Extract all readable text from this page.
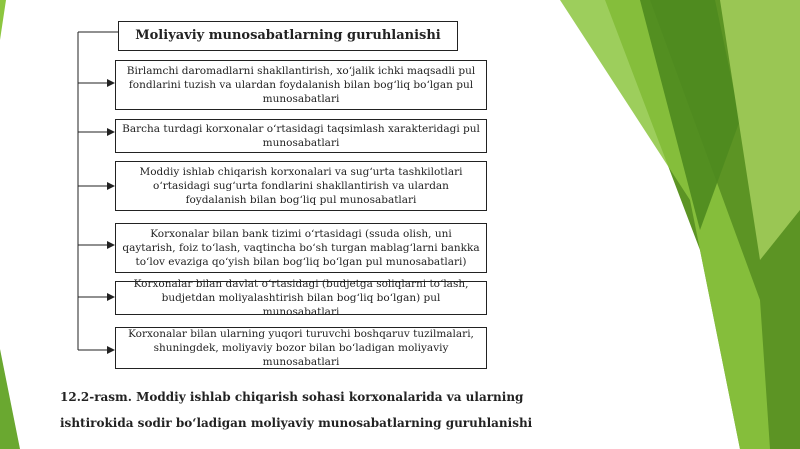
Moliyaviy munosabatlarning guruhlanishi
Birlamchi daromadlarni shakllantirish, xo‘jalik ichki maqsadli pul fondlarini tuzish va ulardan foydalanish bilan bog‘liq bo‘lgan pul munosabatlari
Barcha turdagi korxonalar o‘rtasidagi taqsimlash xarakteridagi pul munosabatlari
Moddiy ishlab chiqarish korxonalari va sug‘urta tashkilotlari o‘rtasidagi sug‘urta fondlarini shakllantirish va ulardan foydalanish bilan bog‘liq pul munosabatlari
Korxonalar bilan bank tizimi o‘rtasidagi (ssuda olish, uni qaytarish, foiz to‘lash, vaqtincha bo‘sh turgan mablag‘larni bankka to‘lov evaziga qo‘yish bilan bog‘liq bo‘lgan pul munosabatlari)
Korxonalar bilan davlat o‘rtasidagi (budjetga soliqlarni to‘lash, budjetdan moliyalashtirish bilan bog‘liq bo‘lgan) pul munosabatlari
Korxonalar bilan ularning yuqori turuvchi boshqaruv tuzilmalari, shuningdek, moliyaviy bozor bilan bo‘ladigan moliyaviy munosabatlari
12.2-rasm. Moddiy ishlab chiqarish sohasi korxonalarida va ularning
ishtirokida sodir bo‘ladigan moliyaviy munosabatlarning guruhlanishi
